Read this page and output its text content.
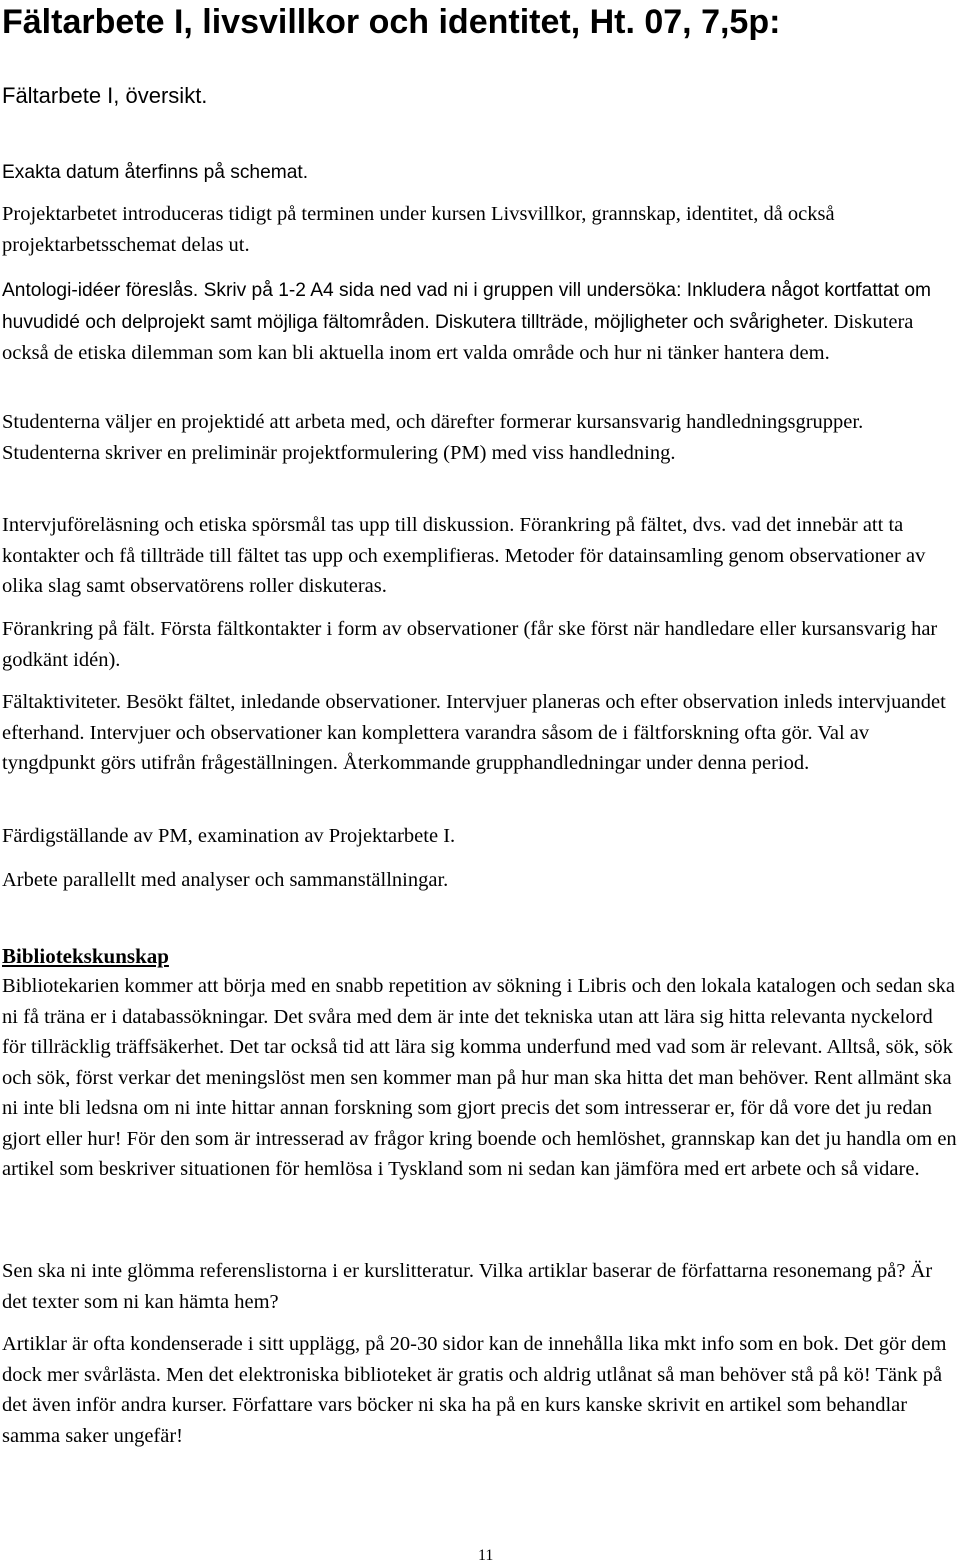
Fältarbete I, livsvillkor och identitet, Ht. 07, 7,5p:
Fältarbete I, översikt.

Exakta datum återfinns på schemat.

Projektarbetet introduceras tidigt på terminen under kursen Livsvillkor, grannskap, identitet, då också projektarbetsschemat delas ut.

Antologi-idéer föreslås. Skriv på 1-2 A4 sida ned vad ni i gruppen vill undersöka: Inkludera något kortfattat om huvudidé och delprojekt samt möjliga fältområden. Diskutera tillträde, möjligheter och svårigheter. Diskutera också de etiska dilemman som kan bli aktuella inom ert valda område och hur ni tänker hantera dem.

Studenterna väljer en projektidé att arbeta med, och därefter formerar kursansvarig handledningsgrupper. Studenterna skriver en preliminär projektformulering (PM) med viss handledning.

Intervjuföreläsning och etiska spörsmål tas upp till diskussion. Förankring på fältet, dvs. vad det innebär att ta kontakter och få tillträde till fältet tas upp och exemplifieras. Metoder för datainsamling genom observationer av olika slag samt observatörens roller diskuteras.

Förankring på fält. Första fältkontakter i form av observationer (får ske först när handledare eller kursansvarig har godkänt idén).

Fältaktiviteter. Besökt fältet, inledande observationer. Intervjuer planeras och efter observation inleds intervjuandet efterhand. Intervjuer och observationer kan komplettera varandra såsom de i fältforskning ofta gör. Val av tyngdpunkt görs utifrån frågeställningen. Återkommande grupphandledningar under denna period.

Färdigställande av PM, examination av Projektarbete I.

Arbete parallellt med analyser och sammanställningar.

Bibliotekskunskap

Bibliotekarien kommer att börja med en snabb repetition av sökning i Libris och den lokala katalogen och sedan ska ni få träna er i databassökningar. Det svåra med dem är inte det tekniska utan att lära sig hitta relevanta nyckelord för tillräcklig träffsäkerhet. Det tar också tid att lära sig komma underfund med vad som är relevant. Alltså, sök, sök och sök, först verkar det meningslöst men sen kommer man på hur man ska hitta det man behöver. Rent allmänt ska ni inte bli ledsna om ni inte hittar annan forskning som gjort precis det som intresserar er, för då vore det ju redan gjort eller hur! För den som är intresserad av frågor kring boende och hemlöshet, grannskap kan det ju handla om en artikel som beskriver situationen för hemlösa i Tyskland som ni sedan kan jämföra med ert arbete och så vidare.

Sen ska ni inte glömma referenslistorna i er kurslitteratur. Vilka artiklar baserar de författarna resonemang på? Är det texter som ni kan hämta hem?

Artiklar är ofta kondenserade i sitt upplägg, på 20-30 sidor kan de innehålla lika mkt info som en bok. Det gör dem dock mer svårlästa. Men det elektroniska biblioteket är gratis och aldrig utlånat så man behöver stå på kö! Tänk på det även inför andra kurser. Författare vars böcker ni ska ha på en kurs kanske skrivit en artikel som behandlar samma saker ungefär!

11
